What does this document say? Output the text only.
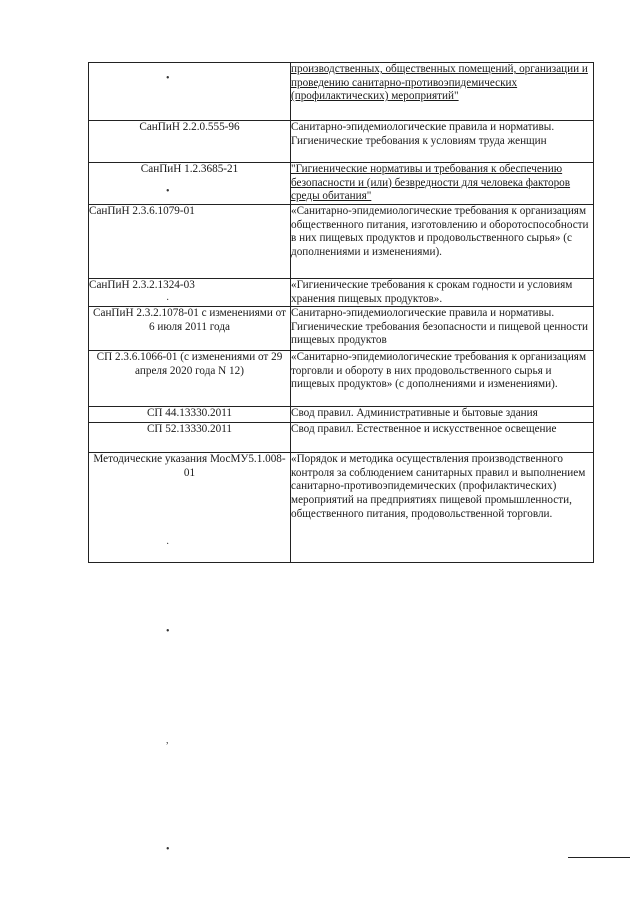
	производственных, общественных помещений, организации и проведению санитарно-противоэпидемических (профилактических) мероприятий"
СанПиН 2.2.0.555-96	Санитарно-эпидемиологические правила и нормативы. Гигиенические требования к условиям труда женщин
СанПиН 1.2.3685-21	"Гигиенические нормативы и требования к обеспечению безопасности и (или) безвредности для человека факторов среды обитания"
СанПиН 2.3.6.1079-01	«Санитарно-эпидемиологические требования к организациям общественного питания, изготовлению и оборотоспособности в них пищевых продуктов и продовольственного сырья» (с дополнениями и изменениями).
СанПиН 2.3.2.1324-03	«Гигиенические требования к срокам годности и условиям хранения пищевых продуктов».
СанПиН 2.3.2.1078-01 с изменениями от 6 июля 2011 года	Санитарно-эпидемиологические правила и нормативы. Гигиенические требования безопасности и пищевой ценности пищевых продуктов
СП 2.3.6.1066-01 (с изменениями от 29 апреля 2020 года N 12)	«Санитарно-эпидемиологические требования к организациям торговли и обороту в них продовольственного сырья и пищевых продуктов» (с дополнениями и изменениями).
СП 44.13330.2011	Свод правил. Административные и бытовые здания
СП 52.13330.2011	Свод правил. Естественное и искусственное освещение
Методические указания МосМУ5.1.008-01	«Порядок и методика осуществления производственного контроля за соблюдением санитарных правил и выполнением санитарно-противоэпидемических (профилактических) мероприятий на предприятиях пищевой промышленности, общественного питания, продовольственной торговли.
•
•
·
·
•
,
•
